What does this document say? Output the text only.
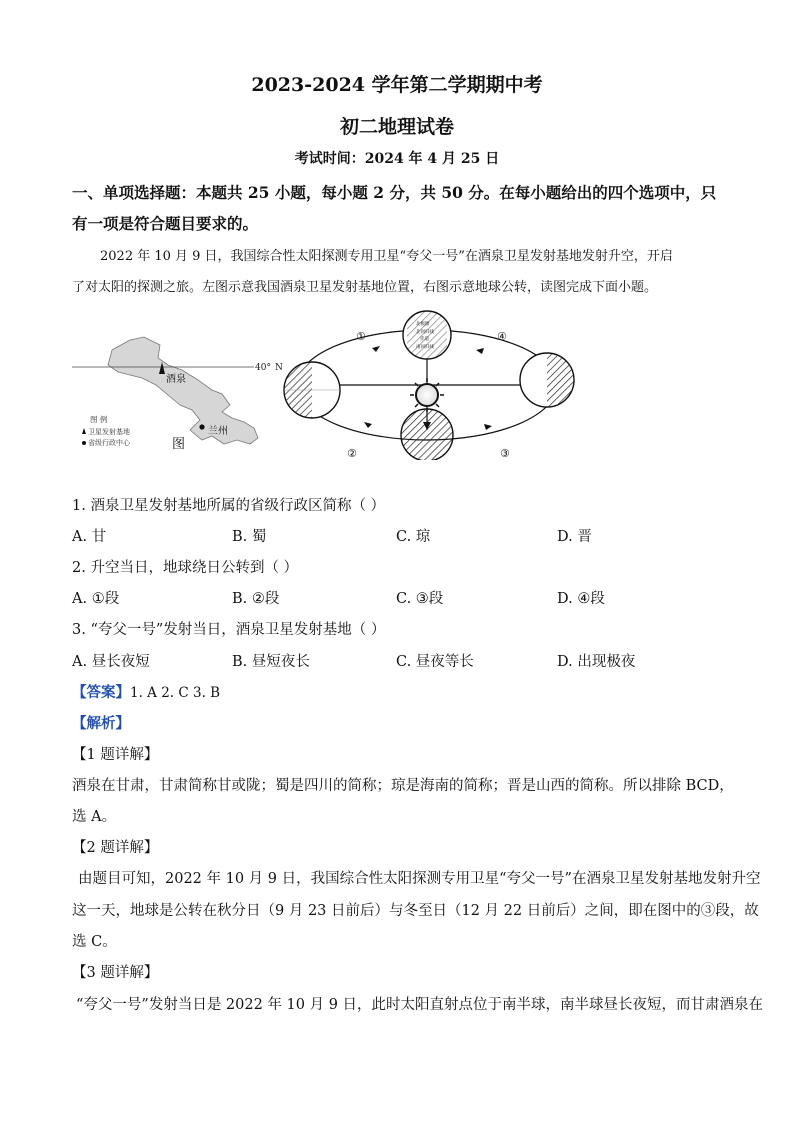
2023-2024 学年第二学期期中考
初二地理试卷
考试时间：2024 年 4 月 25 日
一、单项选择题：本题共 25 小题，每小题 2 分，共 50 分。在每小题给出的四个选项中，只
有一项是符合题目要求的。
2022 年 10 月 9 日，我国综合性太阳探测专用卫星“夸父一号”在酒泉卫星发射基地发射升空，开启
了对太阳的探测之旅。左图示意我国酒泉卫星发射基地位置，右图示意地球公转，读图完成下面小题。
40° N
酒泉
兰州
图 例
卫星发射基地
省级行政中心	图
北极圈
北回归线
赤道
南回归线
①
②	③
④
1. 酒泉卫星发射基地所属的省级行政区简称（ ）
A. 甘	B. 蜀	C. 琼	D. 晋
2. 升空当日，地球绕日公转到（ ）
A. ①段	B. ②段	C. ③段	D. ④段
3. “夸父一号”发射当日，酒泉卫星发射基地（ ）
A. 昼长夜短	B. 昼短夜长	C. 昼夜等长	D. 出现极夜
【答案】1. A 2. C 3. B
【解析】
【1 题详解】
酒泉在甘肃，甘肃简称甘或陇；蜀是四川的简称；琼是海南的简称；晋是山西的简称。所以排除 BCD，
选 A。
【2 题详解】
由题目可知，2022 年 10 月 9 日，我国综合性太阳探测专用卫星“夸父一号”在酒泉卫星发射基地发射升空
这一天，地球是公转在秋分日（9 月 23 日前后）与冬至日（12 月 22 日前后）之间，即在图中的③段，故
选 C。
【3 题详解】
“夸父一号”发射当日是 2022 年 10 月 9 日，此时太阳直射点位于南半球，南半球昼长夜短，而甘肃酒泉在
